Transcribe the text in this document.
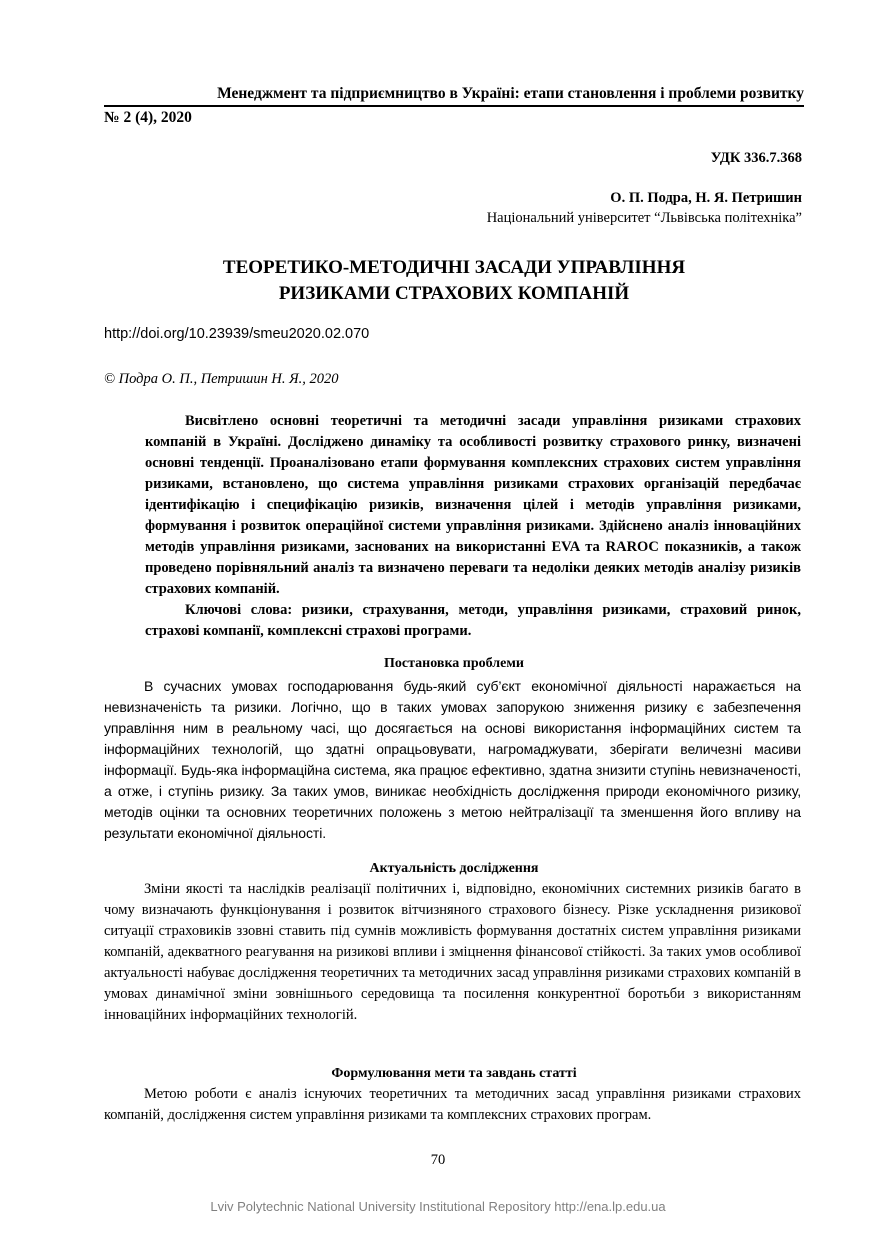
Менеджмент та підприємництво в Україні: етапи становлення і проблеми розвитку
№ 2 (4), 2020
УДК 336.7.368
О. П. Подра, Н. Я. Петришин
Національний університет “Львівська політехніка”
ТЕОРЕТИКО-МЕТОДИЧНІ ЗАСАДИ УПРАВЛІННЯ
РИЗИКАМИ СТРАХОВИХ КОМПАНІЙ
http://doi.org/10.23939/smeu2020.02.070
© Подра О. П., Петришин Н. Я., 2020

Висвітлено основні теоретичні та методичні засади управління ризиками страхових компаній в Україні. Досліджено динаміку та особливості розвитку страхового ринку, визначені основні тенденції. Проаналізовано етапи формування комплексних страхових систем управління ризиками, встановлено, що система управління ризиками страхових організацій передбачає ідентифікацію і специфікацію ризиків, визначення цілей і методів управління ризиками, формування і розвиток операційної системи управління ризиками. Здійснено аналіз інноваційних методів управління ризиками, заснованих на використанні EVA та RAROC показників, а також проведено порівняльний аналіз та визначено переваги та недоліки деяких методів аналізу ризиків страхових компаній.

Ключові слова: ризики, страхування, методи, управління ризиками, страховий ринок, страхові компанії, комплексні страхові програми.

Постановка проблеми

В сучасних умовах господарювання будь-який суб’єкт економічної діяльності наражається на невизначеність та ризики. Логічно, що в таких умовах запорукою зниження ризику є забезпечення управління ним в реальному часі, що досягається на основі використання інформаційних систем та інформаційних технологій, що здатні опрацьовувати, нагромаджувати, зберігати величезні масиви інформації. Будь-яка інформаційна система, яка працює ефективно, здатна знизити ступінь невизначеності, а отже, і ступінь ризику. За таких умов, виникає необхідність дослідження природи економічного ризику, методів оцінки та основних теоретичних положень з метою нейтралізації та зменшення його впливу на результати економічної діяльності.

Актуальність дослідження

Зміни якості та наслідків реалізації політичних і, відповідно, економічних системних ризиків багато в чому визначають функціонування і розвиток вітчизняного страхового бізнесу. Різке ускладнення ризикової ситуації страховиків ззовні ставить під сумнів можливість формування достатніх систем управління ризиками компаній, адекватного реагування на ризикові впливи і зміцнення фінансової стійкості. За таких умов особливої актуальності набуває дослідження теоретичних та методичних засад управління ризиками страхових компаній в умовах динамічної зміни зовнішнього середовища та посилення конкурентної боротьби з використанням інноваційних інформаційних технологій.

Формулювання мети та завдань статті

Метою роботи є аналіз існуючих теоретичних та методичних засад управління ризиками страхових компаній, дослідження систем управління ризиками та комплексних страхових програм.

70
Lviv Polytechnic National University Institutional Repository http://ena.lp.edu.ua
